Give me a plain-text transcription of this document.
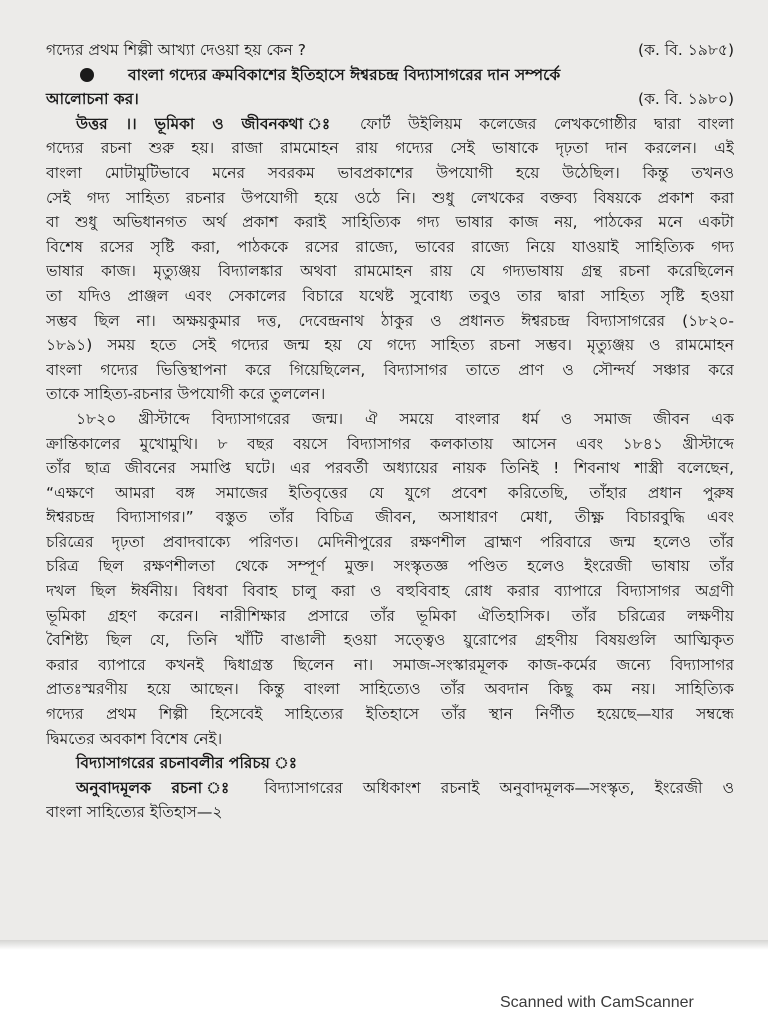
গদ্যের প্রথম শিল্পী আখ্যা দেওয়া হয় কেন ?	(ক. বি. ১৯৮৫)
বাংলা গদ্যের ক্রমবিকাশের ইতিহাসে ঈশ্বরচন্দ্র বিদ্যাসাগরের দান সম্পর্কে
আলোচনা কর।	(ক. বি. ১৯৮০)
উত্তর ।। ভূমিকা ও জীবনকথা ঃ ফোর্ট উইলিয়ম কলেজের লেখকগোষ্ঠীর দ্বারা বাংলা
গদ্যের রচনা শুরু হয়। রাজা রামমোহন রায় গদ্যের সেই ভাষাকে দৃঢ়তা দান করলেন। এই
বাংলা মোটামুটিভাবে মনের সবরকম ভাবপ্রকাশের উপযোগী হয়ে উঠেছিল। কিন্তু তখনও
সেই গদ্য সাহিত্য রচনার উপযোগী হয়ে ওঠে নি। শুধু লেখকের বক্তব্য বিষয়কে প্রকাশ করা
বা শুধু অভিধানগত অর্থ প্রকাশ করাই সাহিত্যিক গদ্য ভাষার কাজ নয়, পাঠকের মনে একটা
বিশেষ রসের সৃষ্টি করা, পাঠককে রসের রাজ্যে, ভাবের রাজ্যে নিয়ে যাওয়াই সাহিত্যিক গদ্য
ভাষার কাজ। মৃত্যুঞ্জয় বিদ্যালঙ্কার অথবা রামমোহন রায় যে গদ্যভাষায় গ্রন্থ রচনা করেছিলেন
তা যদিও প্রাঞ্জল এবং সেকালের বিচারে যথেষ্ট সুবোধ্য তবুও তার দ্বারা সাহিত্য সৃষ্টি হওয়া
সম্ভব ছিল না। অক্ষয়কুমার দত্ত, দেবেন্দ্রনাথ ঠাকুর ও প্রধানত ঈশ্বরচন্দ্র বিদ্যাসাগরের (১৮২০-
১৮৯১) সময় হতে সেই গদ্যের জন্ম হয় যে গদ্যে সাহিত্য রচনা সম্ভব। মৃত্যুঞ্জয় ও রামমোহন
বাংলা গদ্যের ভিত্তিস্থাপনা করে গিয়েছিলেন, বিদ্যাসাগর তাতে প্রাণ ও সৌন্দর্য সঞ্চার করে
তাকে সাহিত্য-রচনার উপযোগী করে তুললেন।
১৮২০ খ্রীস্টাব্দে বিদ্যাসাগরের জন্ম। ঐ সময়ে বাংলার ধর্ম ও সমাজ জীবন এক
ক্রান্তিকালের মুখোমুখি। ৮ বছর বয়সে বিদ্যাসাগর কলকাতায় আসেন এবং ১৮৪১ খ্রীস্টাব্দে
তাঁর ছাত্র জীবনের সমাপ্তি ঘটে। এর পরবর্তী অধ্যায়ের নায়ক তিনিই ! শিবনাথ শাস্ত্রী বলেছেন,
“এক্ষণে আমরা বঙ্গ সমাজের ইতিবৃত্তের যে যুগে প্রবেশ করিতেছি, তাঁহার প্রধান পুরুষ
ঈশ্বরচন্দ্র বিদ্যাসাগর।” বস্তুত তাঁর বিচিত্র জীবন, অসাধারণ মেধা, তীক্ষ্ণ বিচারবুদ্ধি এবং
চরিত্রের দৃঢ়তা প্রবাদবাক্যে পরিণত। মেদিনীপুরের রক্ষণশীল ব্রাহ্মণ পরিবারে জন্ম হলেও তাঁর
চরিত্র ছিল রক্ষণশীলতা থেকে সম্পূর্ণ মুক্ত। সংস্কৃতজ্ঞ পণ্ডিত হলেও ইংরেজী ভাষায় তাঁর
দখল ছিল ঈর্ষনীয়। বিধবা বিবাহ চালু করা ও বহুবিবাহ রোধ করার ব্যাপারে বিদ্যাসাগর অগ্রণী
ভূমিকা গ্রহণ করেন। নারীশিক্ষার প্রসারে তাঁর ভূমিকা ঐতিহাসিক। তাঁর চরিত্রের লক্ষণীয়
বৈশিষ্ট্য ছিল যে, তিনি খাঁটি বাঙালী হওয়া সত্ত্বেও য়ুরোপের গ্রহণীয় বিষয়গুলি আত্মিকৃত
করার ব্যাপারে কখনই দ্বিধাগ্রস্ত ছিলেন না। সমাজ-সংস্কারমূলক কাজ-কর্মের জন্যে বিদ্যাসাগর
প্রাতঃস্মরণীয় হয়ে আছেন। কিন্তু বাংলা সাহিত্যেও তাঁর অবদান কিছু কম নয়। সাহিত্যিক
গদ্যের প্রথম শিল্পী হিসেবেই সাহিত্যের ইতিহাসে তাঁর স্থান নির্ণীত হয়েছে—যার সম্বন্ধে
দ্বিমতের অবকাশ বিশেষ নেই।
বিদ্যাসাগরের রচনাবলীর পরিচয় ঃ
অনুবাদমূলক রচনা ঃ বিদ্যাসাগরের অধিকাংশ রচনাই অনুবাদমূলক—সংস্কৃত, ইংরেজী ও
বাংলা সাহিত্যের ইতিহাস—২
Scanned with CamScanner
